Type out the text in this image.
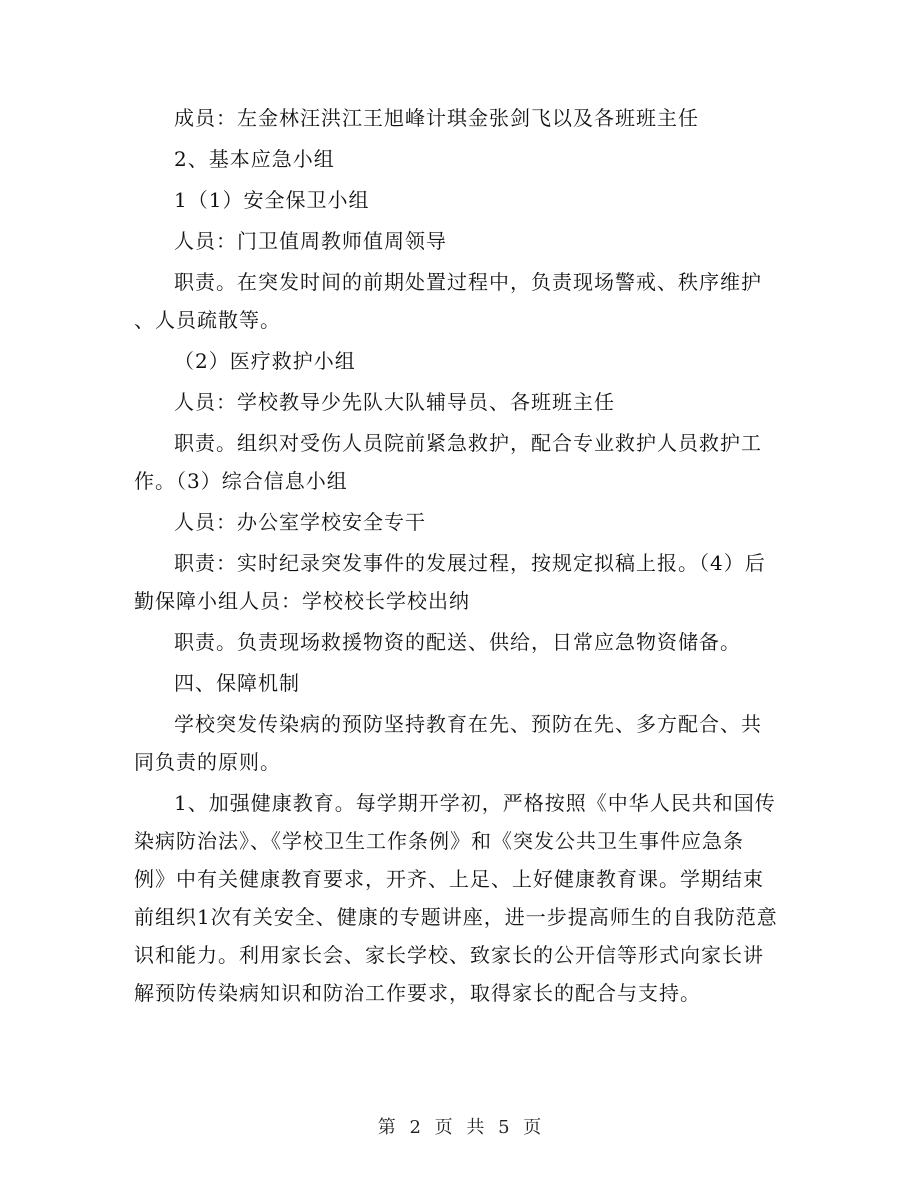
成员：左金林汪洪江王旭峰计琪金张剑飞以及各班班主任
2、基本应急小组
1（1）安全保卫小组
人员：门卫值周教师值周领导
职责。在突发时间的前期处置过程中，负责现场警戒、秩序维护
、人员疏散等。
（2）医疗救护小组
人员：学校教导少先队大队辅导员、各班班主任
职责。组织对受伤人员院前紧急救护，配合专业救护人员救护工
作。（3）综合信息小组
人员：办公室学校安全专干
职责：实时纪录突发事件的发展过程，按规定拟稿上报。（4）后
勤保障小组人员：学校校长学校出纳
职责。负责现场救援物资的配送、供给，日常应急物资储备。
四、保障机制
学校突发传染病的预防坚持教育在先、预防在先、多方配合、共
同负责的原则。
1、加强健康教育。每学期开学初，严格按照《中华人民共和国传
染病防治法》、《学校卫生工作条例》和《突发公共卫生事件应急条
例》中有关健康教育要求，开齐、上足、上好健康教育课。学期结束
前组织1次有关安全、健康的专题讲座，进一步提高师生的自我防范意
识和能力。利用家长会、家长学校、致家长的公开信等形式向家长讲
解预防传染病知识和防治工作要求，取得家长的配合与支持。
第 2 页 共 5 页
